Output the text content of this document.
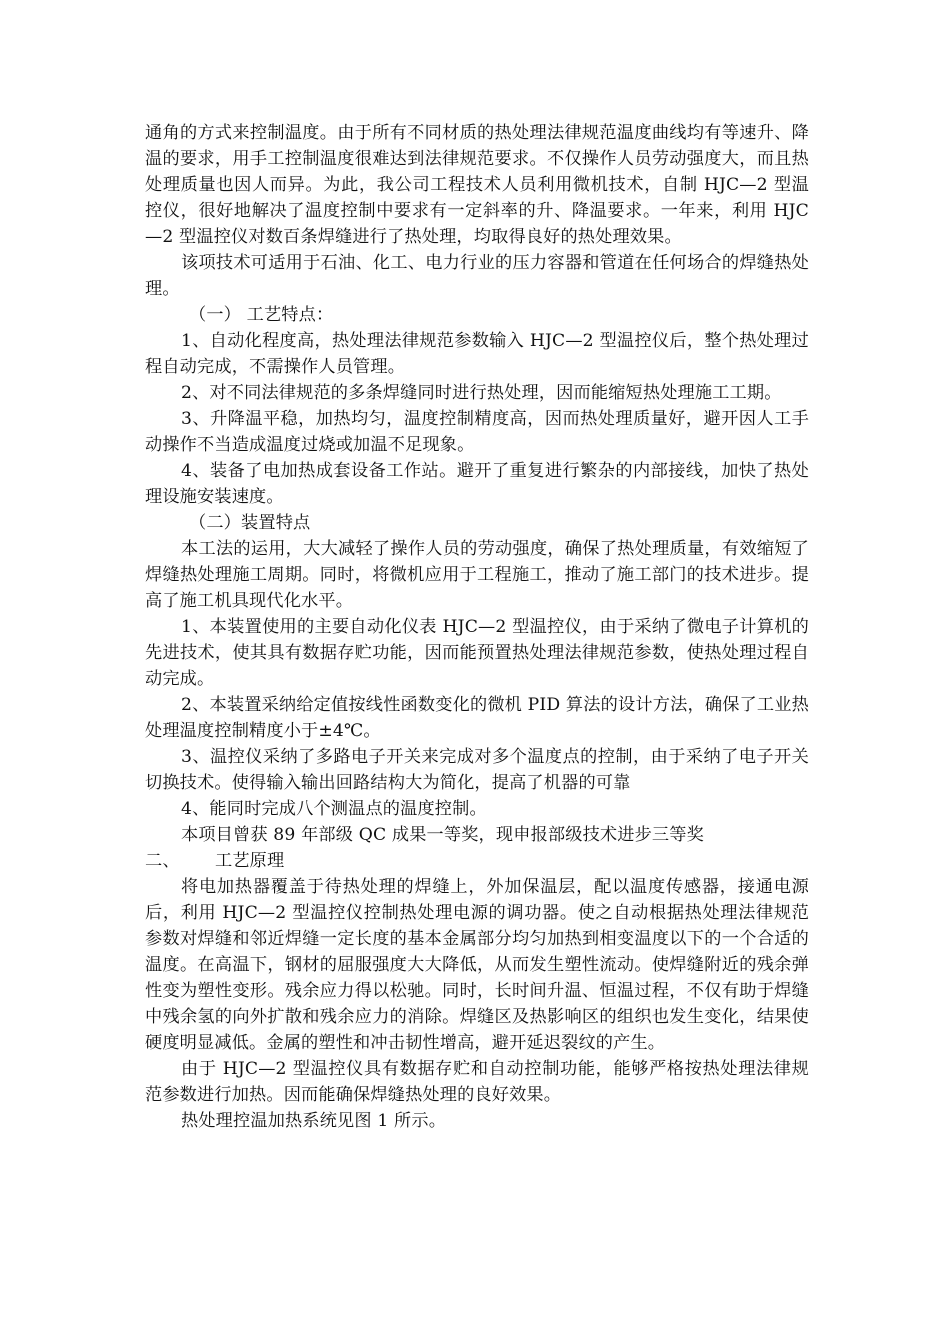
通角的方式来控制温度。由于所有不同材质的热处理法律规范温度曲线均有等速升、降温的要求，用手工控制温度很难达到法律规范要求。不仅操作人员劳动强度大，而且热处理质量也因人而异。为此，我公司工程技术人员利用微机技术，自制 HJC—2 型温控仪，很好地解决了温度控制中要求有一定斜率的升、降温要求。一年来，利用 HJC—2 型温控仪对数百条焊缝进行了热处理，均取得良好的热处理效果。

该项技术可适用于石油、化工、电力行业的压力容器和管道在任何场合的焊缝热处理。

（一） 工艺特点：

1、自动化程度高，热处理法律规范参数输入 HJC—2 型温控仪后，整个热处理过程自动完成，不需操作人员管理。

2、对不同法律规范的多条焊缝同时进行热处理，因而能缩短热处理施工工期。

3、升降温平稳，加热均匀，温度控制精度高，因而热处理质量好，避开因人工手动操作不当造成温度过烧或加温不足现象。

4、装备了电加热成套设备工作站。避开了重复进行繁杂的内部接线，加快了热处理设施安装速度。

（二）装置特点

本工法的运用，大大减轻了操作人员的劳动强度，确保了热处理质量，有效缩短了焊缝热处理施工周期。同时，将微机应用于工程施工，推动了施工部门的技术进步。提高了施工机具现代化水平。

1、本装置使用的主要自动化仪表 HJC—2 型温控仪，由于采纳了微电子计算机的先进技术，使其具有数据存贮功能，因而能预置热处理法律规范参数，使热处理过程自动完成。

2、本装置采纳给定值按线性函数变化的微机 PID 算法的设计方法，确保了工业热处理温度控制精度小于±4℃。

3、温控仪采纳了多路电子开关来完成对多个温度点的控制，由于采纳了电子开关切换技术。使得输入输出回路结构大为简化，提高了机器的可靠

4、能同时完成八个测温点的温度控制。

本项目曾获 89 年部级 QC 成果一等奖，现申报部级技术进步三等奖

二、	工艺原理

将电加热器覆盖于待热处理的焊缝上，外加保温层，配以温度传感器，接通电源后，利用 HJC—2 型温控仪控制热处理电源的调功器。使之自动根据热处理法律规范参数对焊缝和邻近焊缝一定长度的基本金属部分均匀加热到相变温度以下的一个合适的温度。在高温下，钢材的屈服强度大大降低，从而发生塑性流动。使焊缝附近的残余弹性变为塑性变形。残余应力得以松驰。同时，长时间升温、恒温过程，不仅有助于焊缝中残余氢的向外扩散和残余应力的消除。焊缝区及热影响区的组织也发生变化，结果使硬度明显减低。金属的塑性和冲击韧性增高，避开延迟裂纹的产生。

由于 HJC—2 型温控仪具有数据存贮和自动控制功能，能够严格按热处理法律规范参数进行加热。因而能确保焊缝热处理的良好效果。

热处理控温加热系统见图 1 所示。
